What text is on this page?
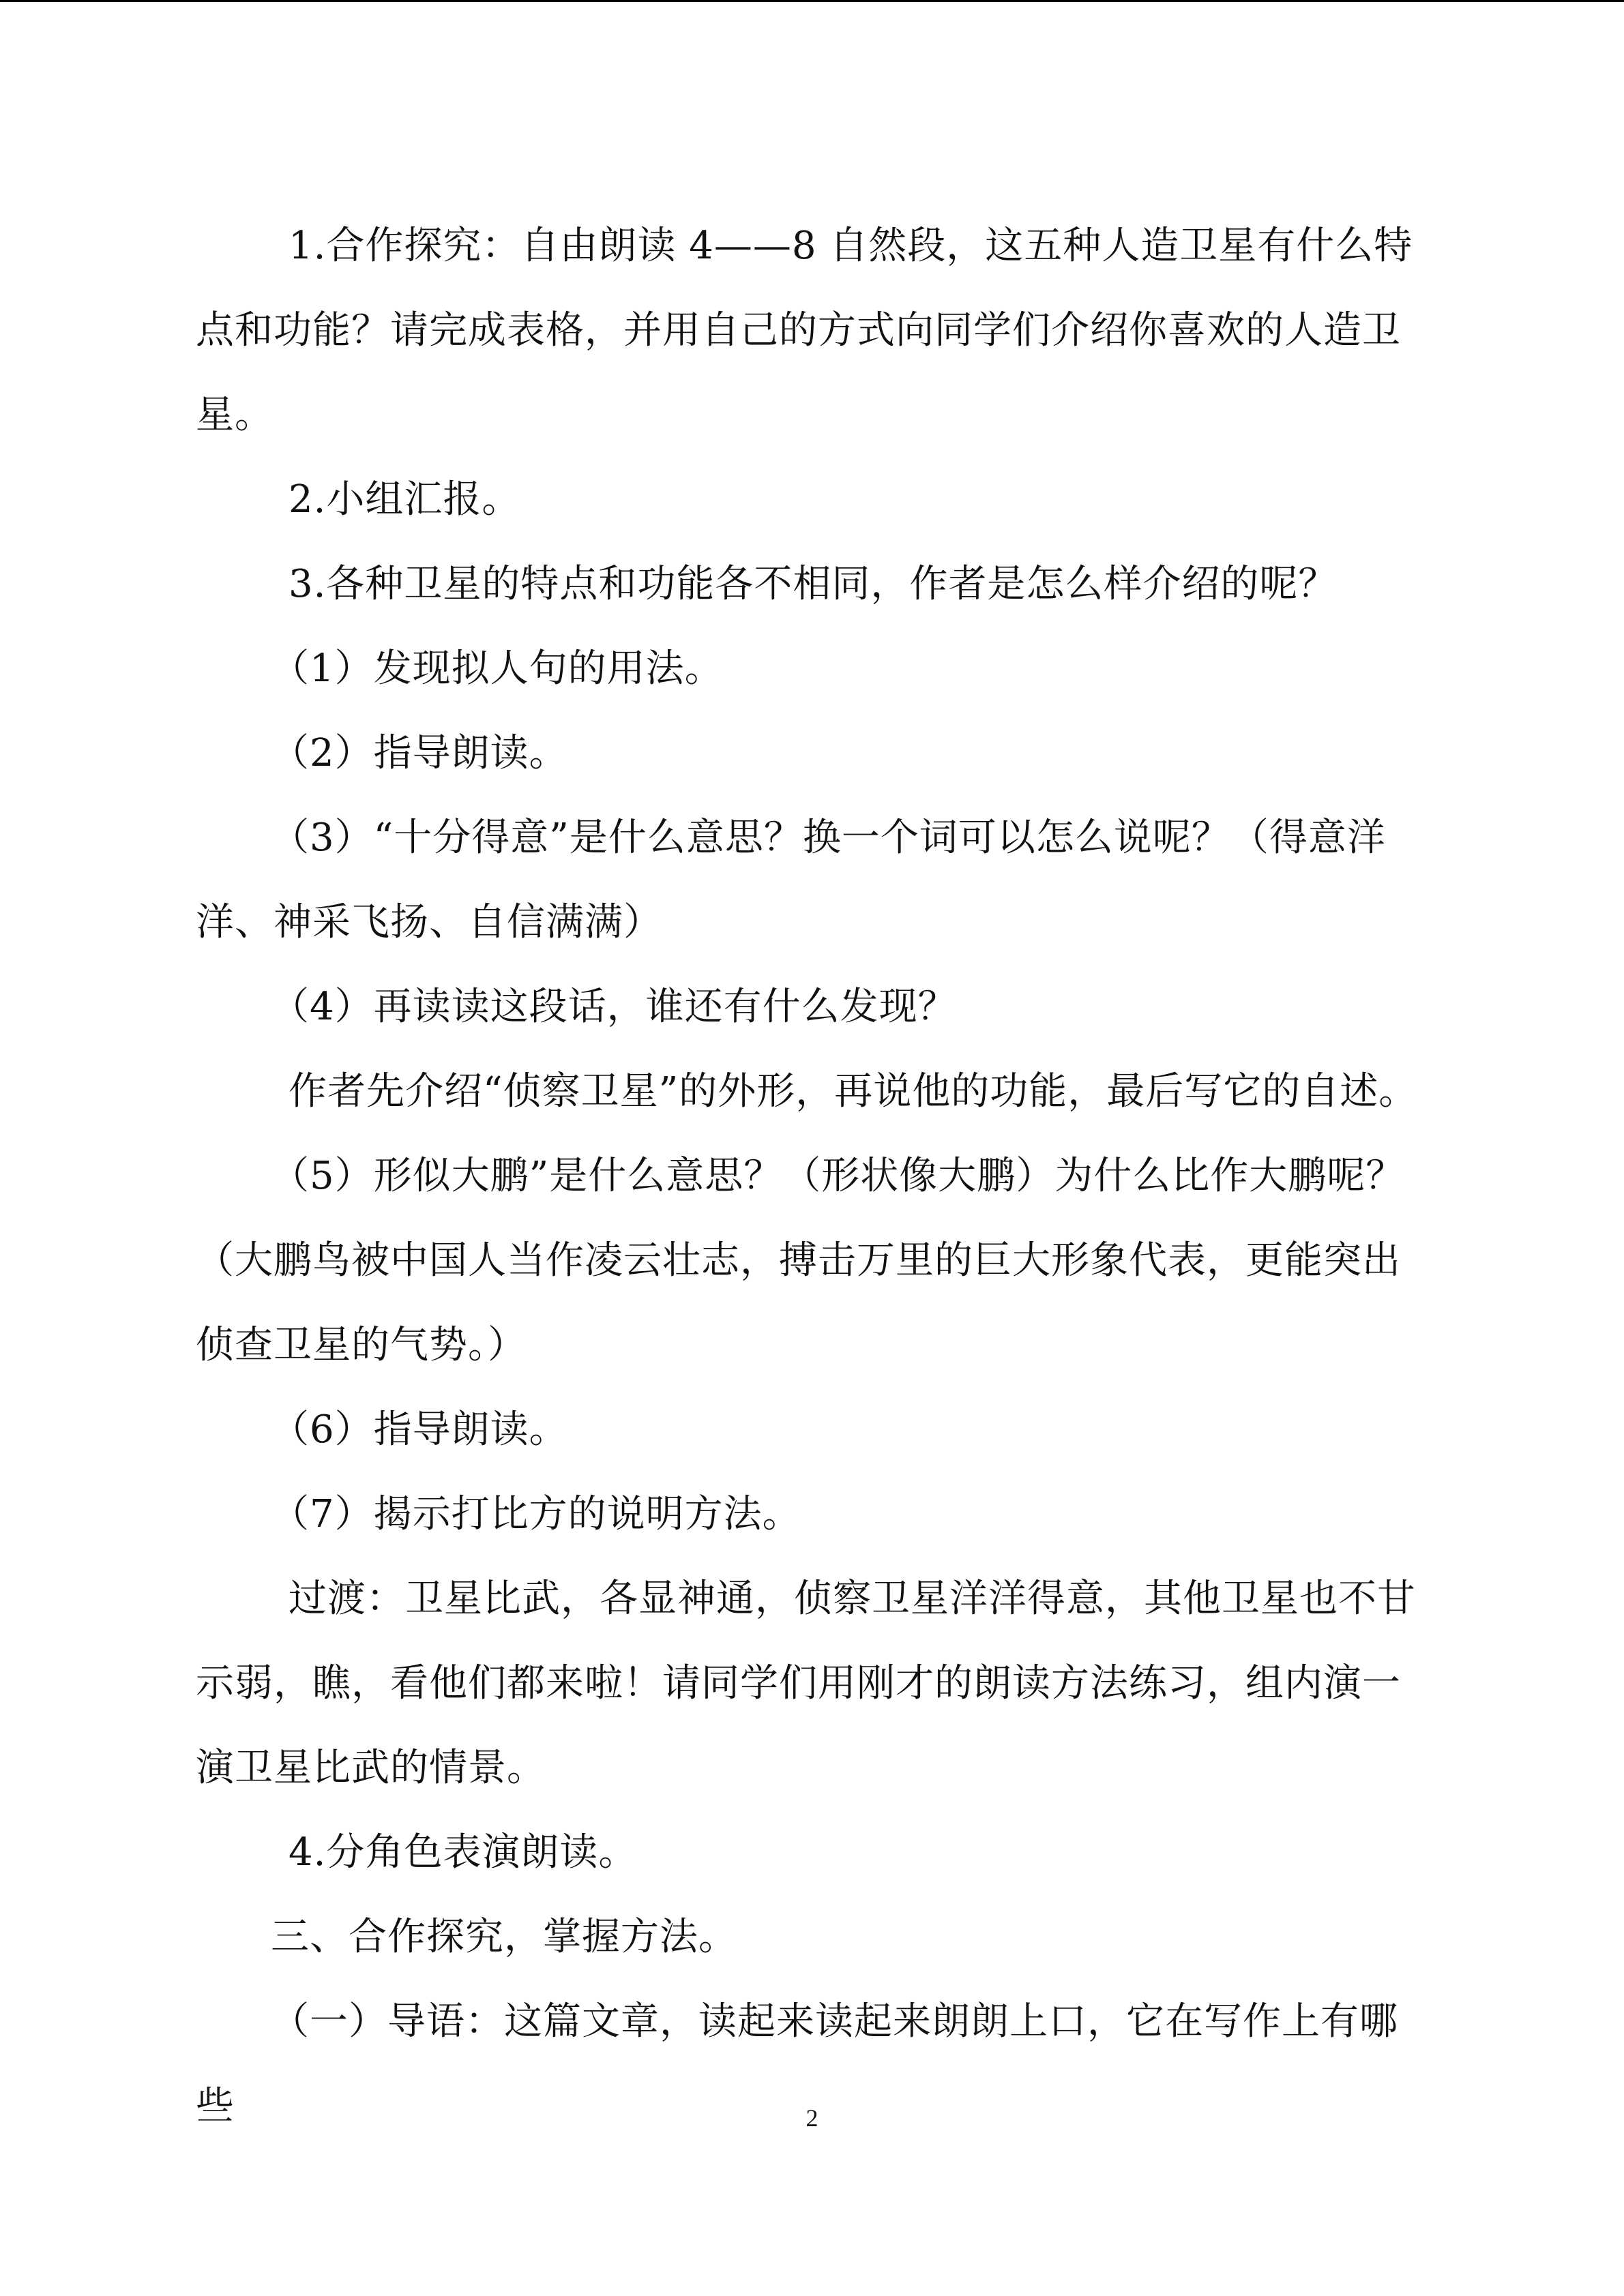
1.合作探究：自由朗读 4——8 自然段，这五种人造卫星有什么特点和功能？请完成表格，并用自己的方式向同学们介绍你喜欢的人造卫星。

2.小组汇报。

3.各种卫星的特点和功能各不相同，作者是怎么样介绍的呢？

（1）发现拟人句的用法。

（2）指导朗读。

（3）“十分得意”是什么意思？换一个词可以怎么说呢？（得意洋洋、神采飞扬、自信满满）

（4）再读读这段话，谁还有什么发现？

作者先介绍“侦察卫星”的外形，再说他的功能，最后写它的自述。

（5）形似大鹏”是什么意思？（形状像大鹏）为什么比作大鹏呢？（大鹏鸟被中国人当作凌云壮志，搏击万里的巨大形象代表，更能突出侦查卫星的气势。）

（6）指导朗读。

（7）揭示打比方的说明方法。

过渡：卫星比武，各显神通，侦察卫星洋洋得意，其他卫星也不甘示弱，瞧，看他们都来啦！请同学们用刚才的朗读方法练习，组内演一演卫星比武的情景。

4.分角色表演朗读。

三、合作探究，掌握方法。

（一）导语：这篇文章，读起来读起来朗朗上口，它在写作上有哪些	2
